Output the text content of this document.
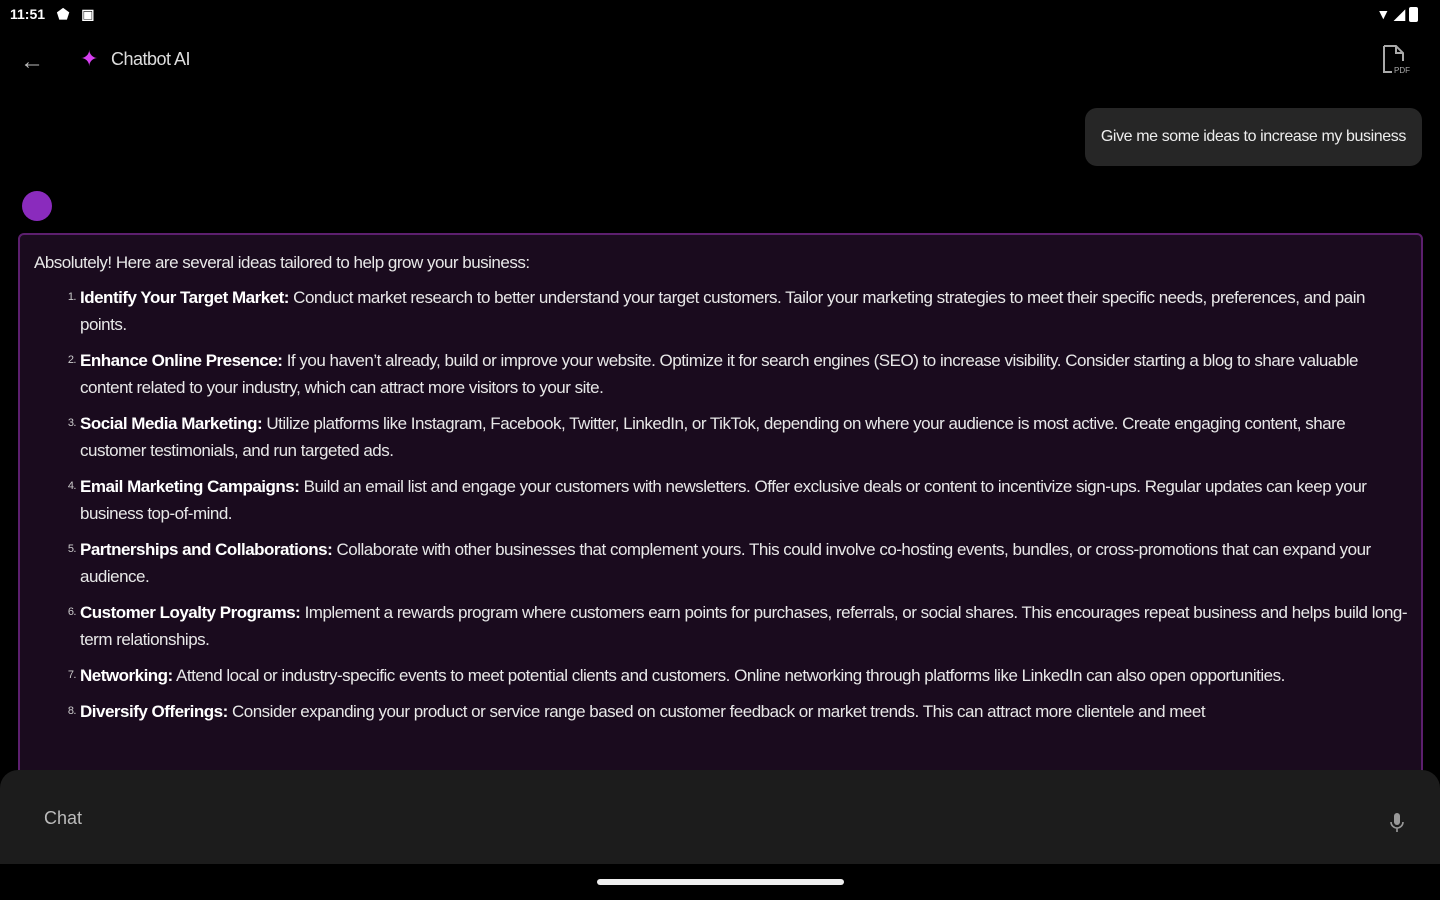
11:51 ⬟ ▣	▼ ◢
← ✦ Chatbot AI
PDF
Give me some ideas to increase my business
Absolutely! Here are several ideas tailored to help grow your business:
1. Identify Your Target Market: Conduct market research to better understand your target customers. Tailor your marketing strategies to meet their specific needs, preferences, and pain points.
2. Enhance Online Presence: If you haven’t already, build or improve your website. Optimize it for search engines (SEO) to increase visibility. Consider starting a blog to share valuable content related to your industry, which can attract more visitors to your site.
3. Social Media Marketing: Utilize platforms like Instagram, Facebook, Twitter, LinkedIn, or TikTok, depending on where your audience is most active. Create engaging content, share customer testimonials, and run targeted ads.
4. Email Marketing Campaigns: Build an email list and engage your customers with newsletters. Offer exclusive deals or content to incentivize sign-ups. Regular updates can keep your business top-of-mind.
5. Partnerships and Collaborations: Collaborate with other businesses that complement yours. This could involve co-hosting events, bundles, or cross-promotions that can expand your audience.
6. Customer Loyalty Programs: Implement a rewards program where customers earn points for purchases, referrals, or social shares. This encourages repeat business and helps build long-term relationships.
7. Networking: Attend local or industry-specific events to meet potential clients and customers. Online networking through platforms like LinkedIn can also open opportunities.
8. Diversify Offerings: Consider expanding your product or service range based on customer feedback or market trends. This can attract more clientele and meet
Chat
